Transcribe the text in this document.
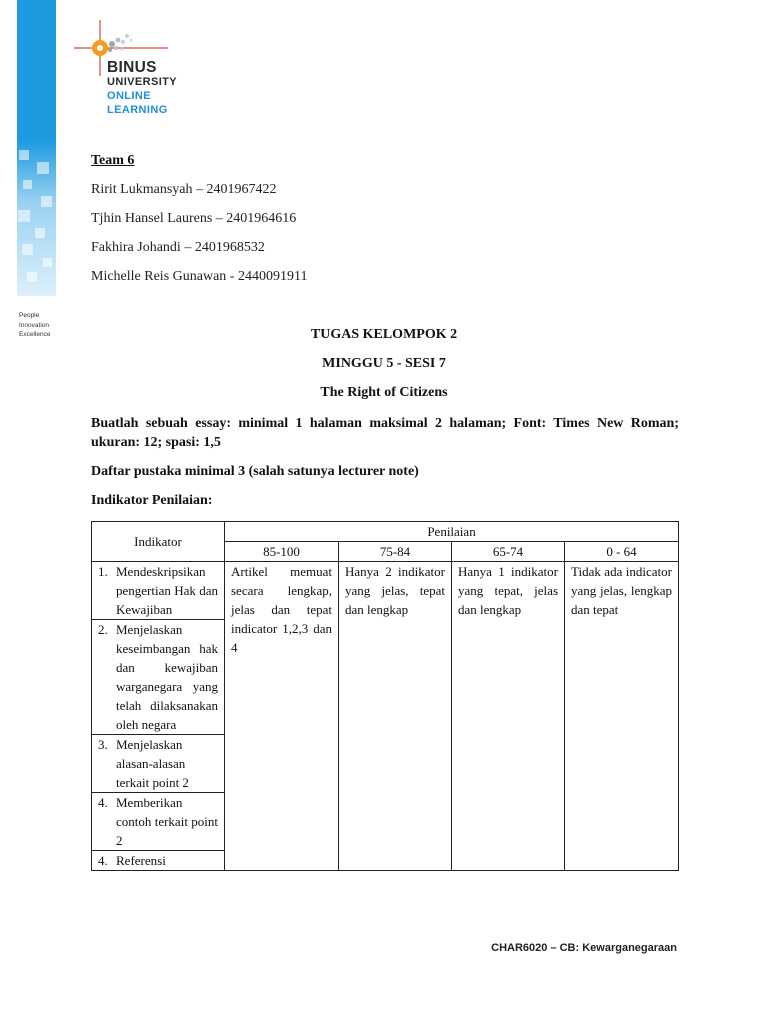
People
Innovation
Excellence
BINUS
UNIVERSITY
ONLINE
LEARNING
Team 6
Ririt Lukmansyah – 2401967422
Tjhin Hansel Laurens – 2401964616
Fakhira Johandi – 2401968532
Michelle Reis Gunawan - 2440091911
TUGAS KELOMPOK 2
MINGGU 5 - SESI 7
The Right of Citizens
Buatlah sebuah essay: minimal 1 halaman maksimal 2 halaman; Font: Times New Roman; ukuran: 12; spasi: 1,5
Daftar pustaka minimal 3 (salah satunya lecturer note)
Indikator Penilaian:
Indikator	Penilaian			
	85-100	75-84	65-74	0 - 64

1. Mendeskripsikan pengertian Hak dan Kewajiban	Artikel memuat secara lengkap, jelas dan tepat indicator 1,2,3 dan 4	Hanya 2 indikator yang jelas, tepat dan lengkap	Hanya 1 indikator yang tepat, jelas dan lengkap	Tidak ada indicator yang jelas, lengkap dan tepat

2. Menjelaskan keseimbangan hak dan kewajiban warganegara yang telah dilaksanakan oleh negara				

3. Menjelaskan alasan-alasan terkait point 2				

4. Memberikan contoh terkait point 2				

4. Referensi				
CHAR6020 – CB: Kewarganegaraan
